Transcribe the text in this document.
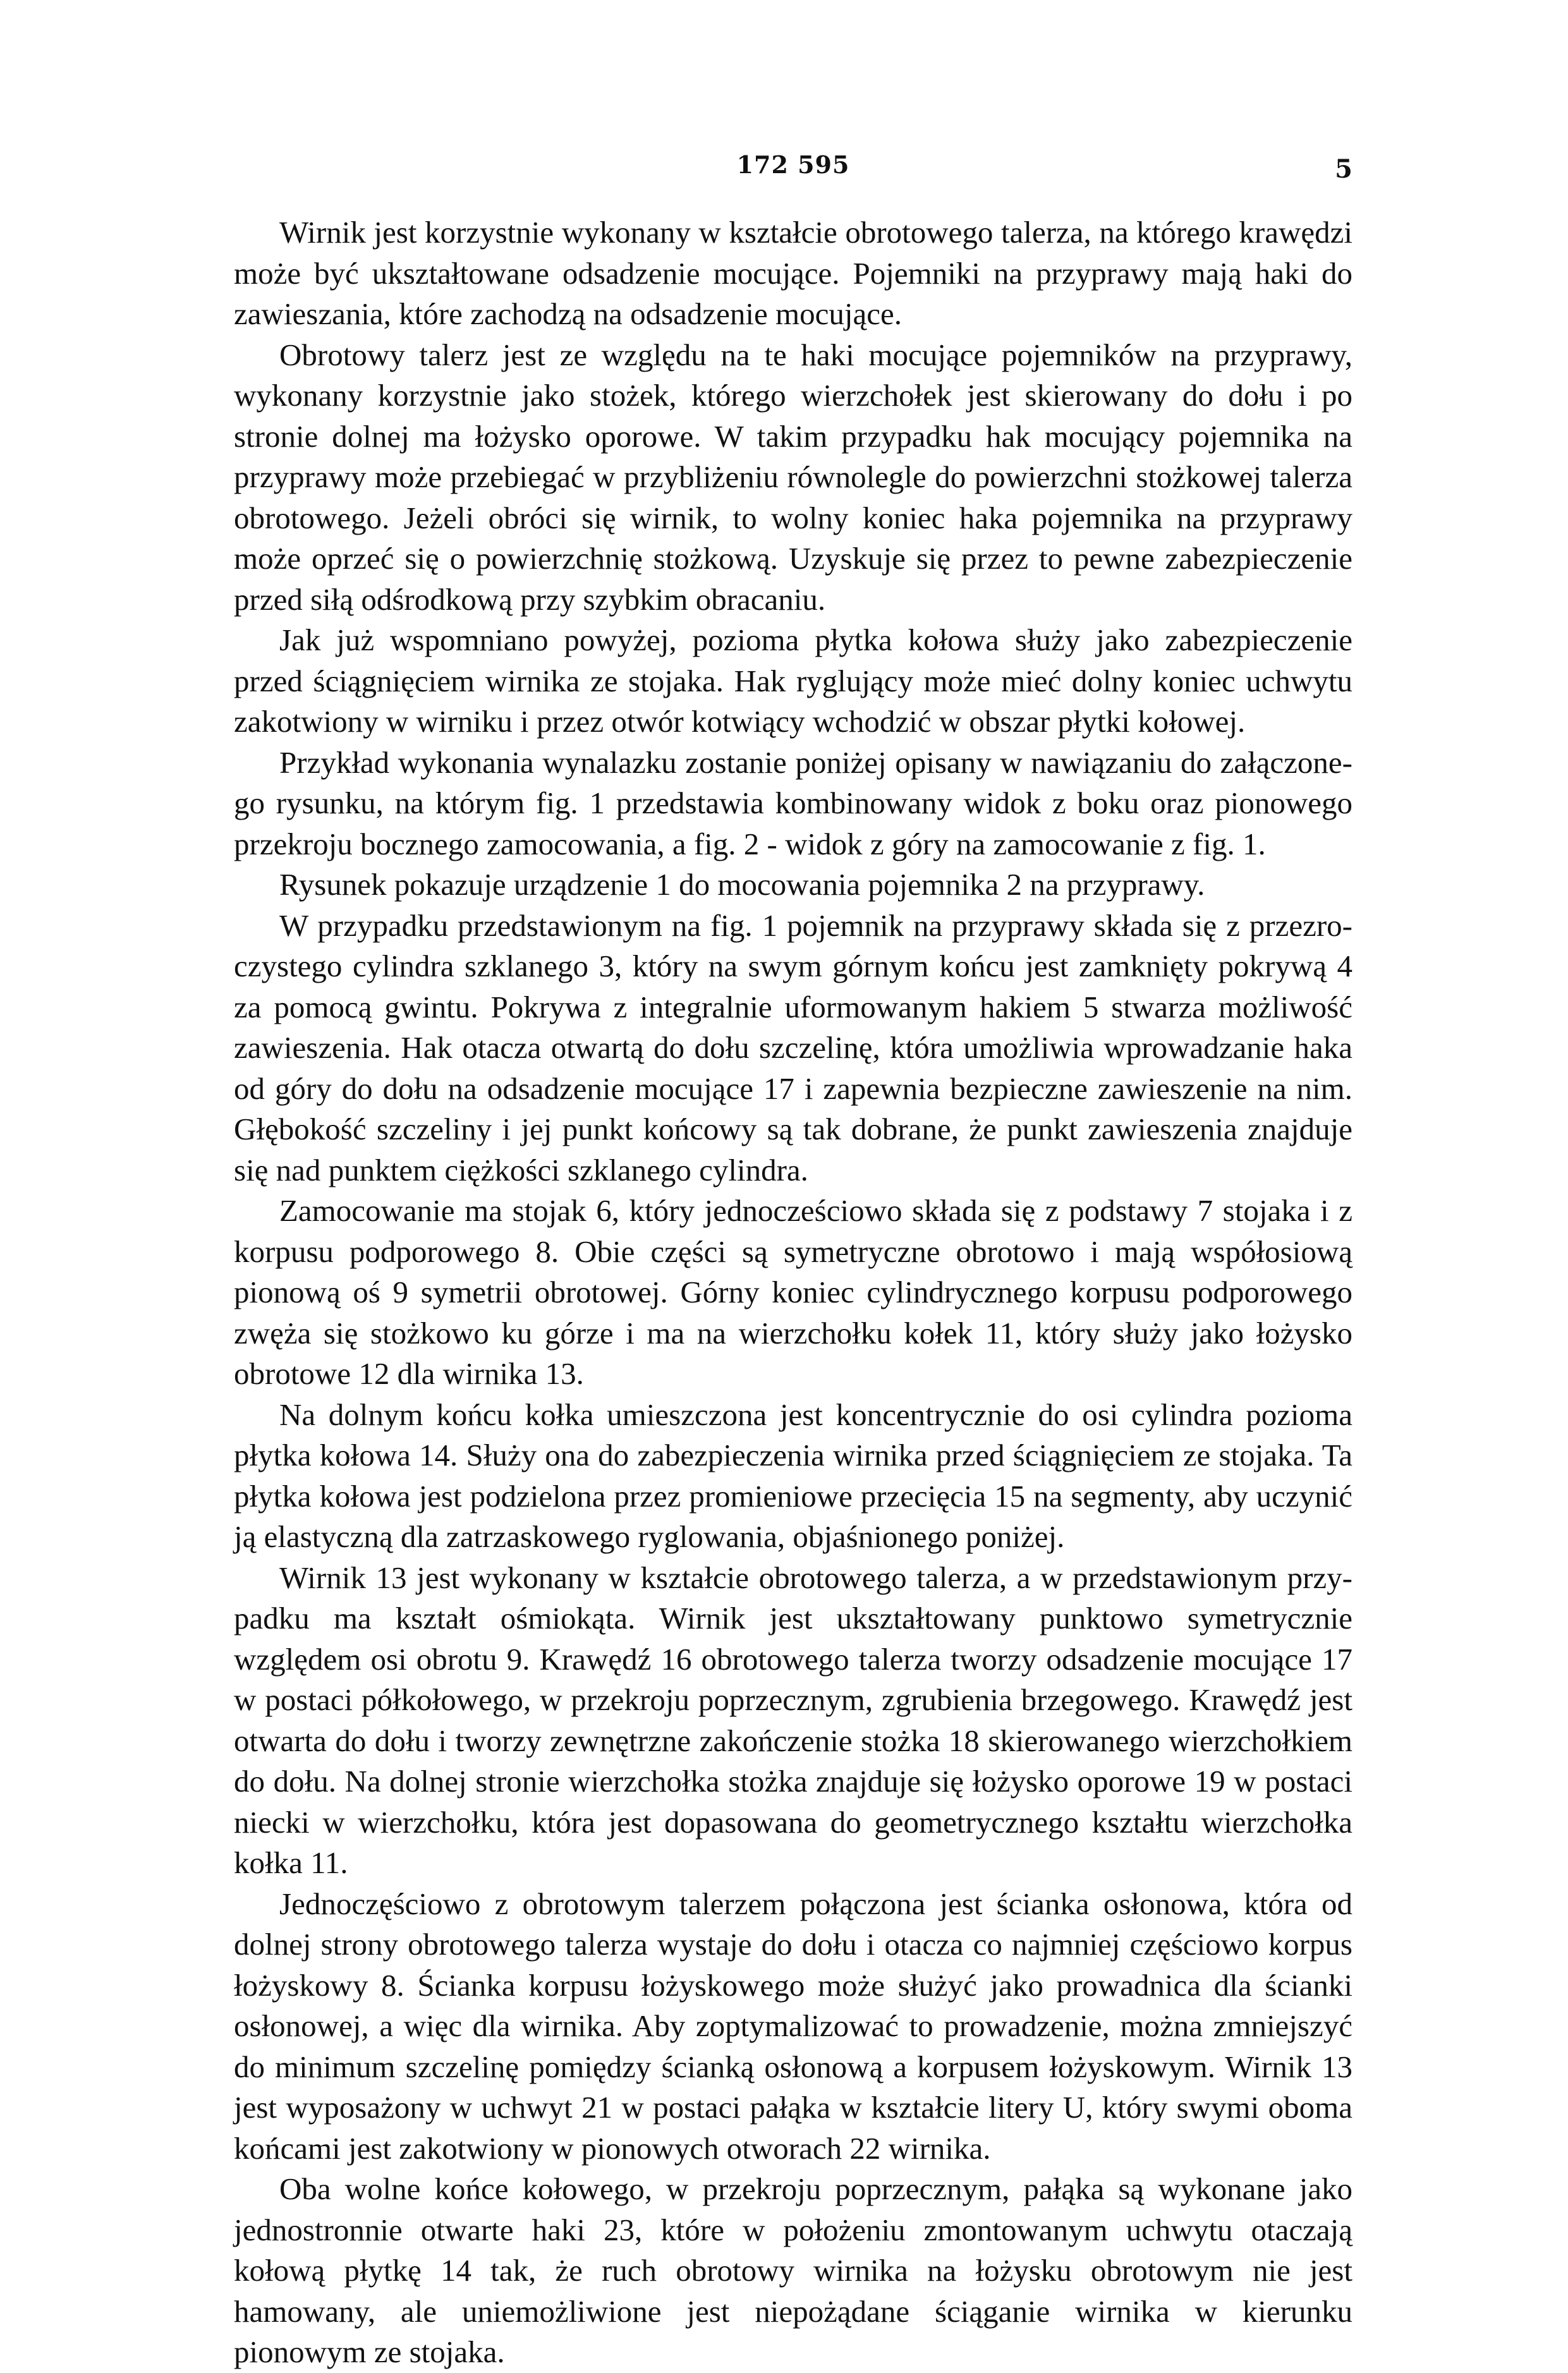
172 595	5

Wirnik jest korzystnie wykonany w kształcie obrotowego talerza, na którego krawędzi może być ukształtowane odsadzenie mocujące. Pojemniki na przyprawy mają haki do zawieszania, które zachodzą na odsadzenie mocujące.

Obrotowy talerz jest ze względu na te haki mocujące pojemników na przyprawy, wykonany korzystnie jako stożek, którego wierzchołek jest skierowany do dołu i po stronie dolnej ma łożysko oporowe. W takim przypadku hak mocujący pojemnika na przyprawy może przebiegać w przybliżeniu równolegle do powierzchni stożkowej talerza obrotowego. Jeżeli obróci się wirnik, to wolny koniec haka pojemnika na przyprawy może oprzeć się o powierzchnię stożkową. Uzyskuje się przez to pewne zabezpieczenie przed siłą odśrodkową przy szybkim obracaniu.

Jak już wspomniano powyżej, pozioma płytka kołowa służy jako zabezpieczenie przed ściągnięciem wirnika ze stojaka. Hak ryglujący może mieć dolny koniec uchwytu zakotwiony w wirniku i przez otwór kotwiący wchodzić w obszar płytki kołowej.

Przykład wykonania wynalazku zostanie poniżej opisany w nawiązaniu do załączonego rysunku, na którym fig. 1 przedstawia kombinowany widok z boku oraz pionowego przekroju bocznego zamocowania, a fig. 2 - widok z góry na zamocowanie z fig. 1.

Rysunek pokazuje urządzenie 1 do mocowania pojemnika 2 na przyprawy.

W przypadku przedstawionym na fig. 1 pojemnik na przyprawy składa się z przezroczystego cylindra szklanego 3, który na swym górnym końcu jest zamknięty pokrywą 4 za pomocą gwintu. Pokrywa z integralnie uformowanym hakiem 5 stwarza możliwość zawieszenia. Hak otacza otwartą do dołu szczelinę, która umożliwia wprowadzanie haka od góry do dołu na odsadzenie mocujące 17 i zapewnia bezpieczne zawieszenie na nim. Głębokość szczeliny i jej punkt końcowy są tak dobrane, że punkt zawieszenia znajduje się nad punktem ciężkości szklanego cylindra.

Zamocowanie ma stojak 6, który jednocześciowo składa się z podstawy 7 stojaka i z korpusu podporowego 8. Obie części są symetryczne obrotowo i mają współosiową pionową oś 9 symetrii obrotowej. Górny koniec cylindrycznego korpusu podporowego zwęża się stożkowo ku górze i ma na wierzchołku kołek 11, który służy jako łożysko obrotowe 12 dla wirnika 13.

Na dolnym końcu kołka umieszczona jest koncentrycznie do osi cylindra pozioma płytka kołowa 14. Służy ona do zabezpieczenia wirnika przed ściągnięciem ze stojaka. Ta płytka kołowa jest podzielona przez promieniowe przecięcia 15 na segmenty, aby uczynić ją elastyczną dla zatrzaskowego ryglowania, objaśnionego poniżej.

Wirnik 13 jest wykonany w kształcie obrotowego talerza, a w przedstawionym przypadku ma kształt ośmiokąta. Wirnik jest ukształtowany punktowo symetrycznie względem osi obrotu 9. Krawędź 16 obrotowego talerza tworzy odsadzenie mocujące 17 w postaci półkołowego, w przekroju poprzecznym, zgrubienia brzegowego. Krawędź jest otwarta do dołu i tworzy zewnętrzne zakończenie stożka 18 skierowanego wierzchołkiem do dołu. Na dolnej stronie wierzchołka stożka znajduje się łożysko oporowe 19 w postaci niecki w wierzchołku, która jest dopasowana do geometrycznego kształtu wierzchołka kołka 11.

Jednoczęściowo z obrotowym talerzem połączona jest ścianka osłonowa, która od dolnej strony obrotowego talerza wystaje do dołu i otacza co najmniej częściowo korpus łożyskowy 8. Ścianka korpusu łożyskowego może służyć jako prowadnica dla ścianki osłonowej, a więc dla wirnika. Aby zoptymalizować to prowadzenie, można zmniejszyć do minimum szczelinę pomiędzy ścianką osłonową a korpusem łożyskowym. Wirnik 13 jest wyposażony w uchwyt 21 w postaci pałąka w kształcie litery U, który swymi oboma końcami jest zakotwiony w pionowych otworach 22 wirnika.

Oba wolne końce kołowego, w przekroju poprzecznym, pałąka są wykonane jako jednostronnie otwarte haki 23, które w położeniu zmontowanym uchwytu otaczają kołową płytkę 14 tak, że ruch obrotowy wirnika na łożysku obrotowym nie jest hamowany, ale uniemożliwione jest niepożądane ściąganie wirnika w kierunku pionowym ze stojaka.
